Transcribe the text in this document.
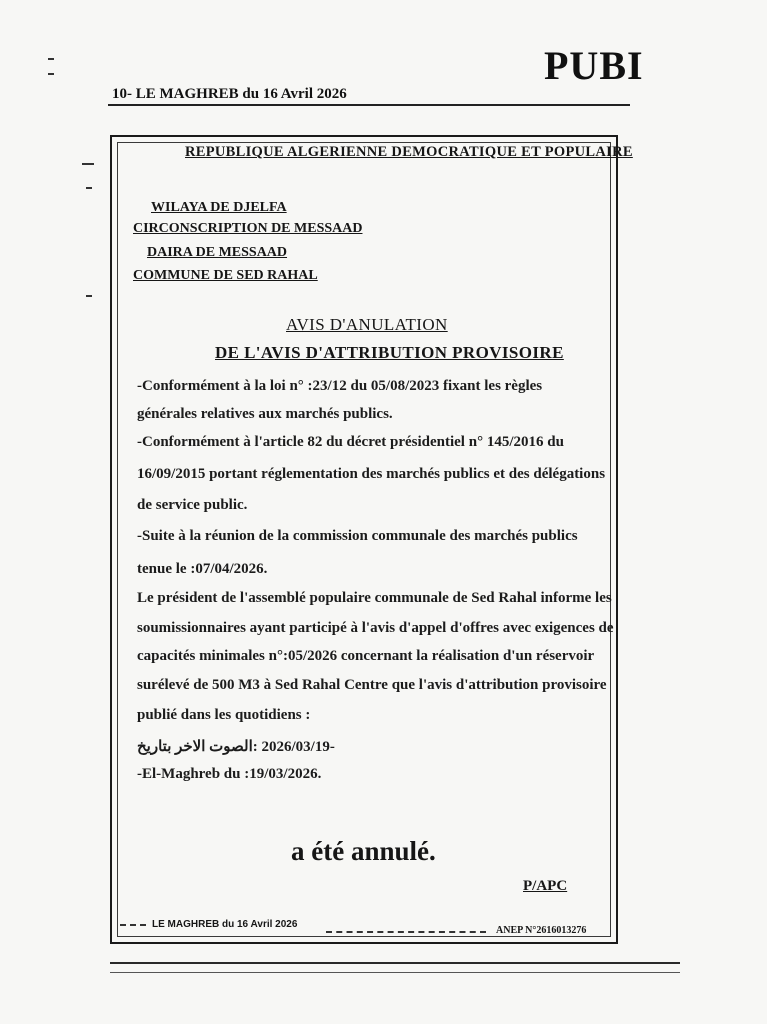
PUBI
10- LE MAGHREB du 16 Avril 2026
REPUBLIQUE ALGERIENNE DEMOCRATIQUE ET POPULAIRE
WILAYA DE DJELFA
CIRCONSCRIPTION DE MESSAAD
DAIRA DE MESSAAD
COMMUNE DE SED RAHAL
AVIS D'ANULATION
DE L'AVIS D'ATTRIBUTION PROVISOIRE
-Conformément à la loi n° :23/12 du 05/08/2023 fixant les règles
générales relatives aux marchés publics.
-Conformément à l'article 82 du décret présidentiel n° 145/2016 du
16/09/2015 portant réglementation des marchés publics et des délégations
de service public.
-Suite à la réunion de la commission communale des marchés publics
tenue le :07/04/2026.
Le président de l'assemblé populaire communale de Sed Rahal informe les
soumissionnaires ayant participé à l'avis d'appel d'offres avec exigences de
capacités minimales n°:05/2026 concernant la réalisation d'un réservoir
surélevé de 500 M3 à Sed Rahal Centre que l'avis d'attribution provisoire
publié dans les quotidiens :
-2026/03/19 :الصوت الاخر بتاريخ
-El-Maghreb du :19/03/2026.
a été annulé.
P/APC
LE MAGHREB du 16 Avril 2026
ANEP N°2616013276
